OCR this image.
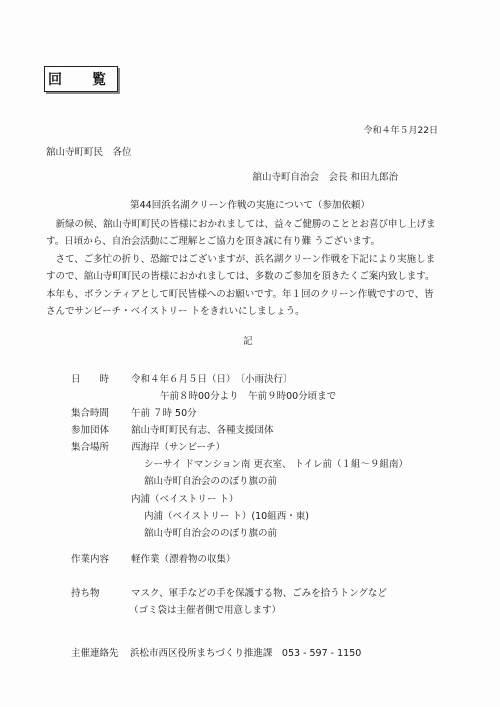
回　覧
令和４年５月22日
舘山寺町町民　各位
舘山寺町自治会　会長 和田九郎治
第44回浜名湖クリーン作戦の実施について（参加依頼）
新緑の候、舘山寺町町民の皆様におかれましては、益々ご健勝のこととお喜び申し上げます。日頃から、自治会活動にご理解とご協力を頂き誠に有り難 うございます。
さて、ご多忙の折り、恐縮ではございますが、浜名湖クリーン作戦を下記により実施しますので、舘山寺町町民の皆様におかれましては、多数のご参加を頂きたくご案内致します。本年も、ボランティアとして町民皆様へのお願いです。年１回のクリーン作戦ですので、皆さんでサンビーチ・ベイストリー トをきれいにしましょう。
記
日　　時 令和４年６月５日（日）　〔小雨決行〕
午前８時00分より　午前９時00分頃まで
集合時間 午前 ７時 50分
参加団体 舘山寺町町民有志、各種支援団体
集合場所 西海岸（サンビーチ）
シーサイ ドマンション南 更衣室、 トイレ前（１組～９組南）
舘山寺町自治会ののぼり旗の前
内浦（ベイストリー ト）
内浦（ベイストリー ト）(10組西・東)
舘山寺町自治会ののぼり旗の前
作業内容 軽作業（漂着物の収集）
持ち物	マスク、軍手などの手を保護する物、ごみを拾うトングなど
（ゴミ袋は主催者側で用意します）
主催連絡先 浜松市西区役所まちづくり推進課　053 - 597 - 1150
